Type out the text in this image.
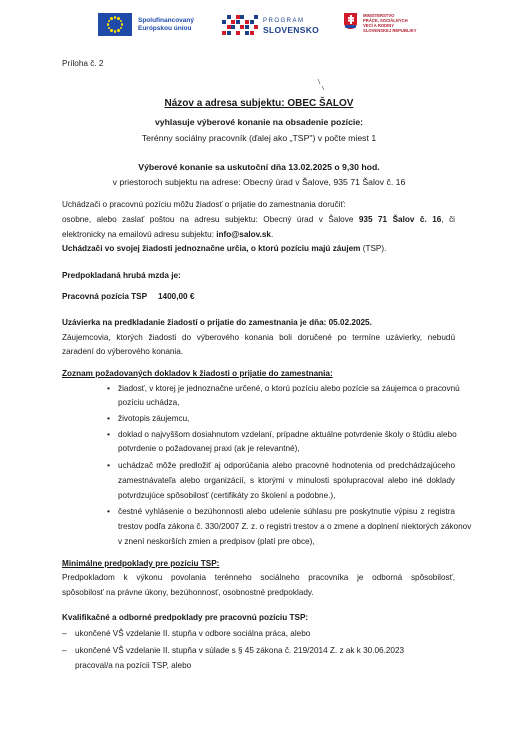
Spolufinancovaný
Európskou úniou
PROGRAM
SLOVENSKO
MINISTERSTVO
PRÁCE, SOCIÁLNYCH
VECÍ A RODINY
SLOVENSKEJ REPUBLIKY
Príloha č. 2
Názov a adresa subjektu: OBEC ŠALOV
vyhlasuje výberové konanie na obsadenie pozície:
Terénny sociálny pracovník (ďalej ako „TSP") v počte miest 1
Výberové konanie sa uskutoční dňa 13.02.2025 o 9,30 hod.
v priestoroch subjektu na adrese: Obecný úrad v Šalove, 935 71 Šalov č. 16
Uchádzači o pracovnú pozíciu môžu žiadosť o prijatie do zamestnania doručiť:
osobne, alebo zaslať poštou na adresu subjektu: Obecný úrad v Šalove 935 71 Šalov č. 16, či
elektronicky na emailovú adresu subjektu: info@salov.sk.
Uchádzači vo svojej žiadosti jednoznačne určia, o ktorú pozíciu majú záujem (TSP).
Predpokladaná hrubá mzda je:
Pracovná pozícia TSP 1400,00 €
Uzávierka na predkladanie žiadostí o prijatie do zamestnania je dňa: 05.02.2025.
Záujemcovia, ktorých žiadosti do výberového konania boli doručené po termíne uzávierky, nebudú
zaradení do výberového konania.
Zoznam požadovaných dokladov k žiadosti o prijatie do zamestnania:
• žiadosť, v ktorej je jednoznačne určené, o ktorú pozíciu alebo pozície sa záujemca o pracovnú
pozíciu uchádza,
• životopis záujemcu,
• doklad o najvyššom dosiahnutom vzdelaní, prípadne aktuálne potvrdenie školy o štúdiu alebo
potvrdenie o požadovanej praxi (ak je relevantné),
• uchádzač môže predložiť aj odporúčania alebo pracovné hodnotenia od predchádzajúceho
zamestnávateľa alebo organizácií, s ktorými v minulosti spolupracoval alebo iné doklady
potvrdzujúce spôsobilosť (certifikáty zo školení a podobne.),
• čestné vyhlásenie o bezúhonnosti alebo udelenie súhlasu pre poskytnutie výpisu z registra
trestov podľa zákona č. 330/2007 Z. z. o registri trestov a o zmene a doplnení niektorých zákonov
v znení neskorších zmien a predpisov (platí pre obce),
Minimálne predpoklady pre pozíciu TSP:
Predpokladom k výkonu povolania terénneho sociálneho pracovníka je odborná spôsobilosť,
spôsobilosť na právne úkony, bezúhonnosť, osobnostné predpoklady.
Kvalifikačné a odborné predpoklady pre pracovnú pozíciu TSP:
– ukončené VŠ vzdelanie II. stupňa v odbore sociálna práca, alebo
– ukončené VŠ vzdelanie II. stupňa v súlade s § 45 zákona č. 219/2014 Z. z ak k 30.06.2023
pracoval/a na pozícii TSP, alebo
